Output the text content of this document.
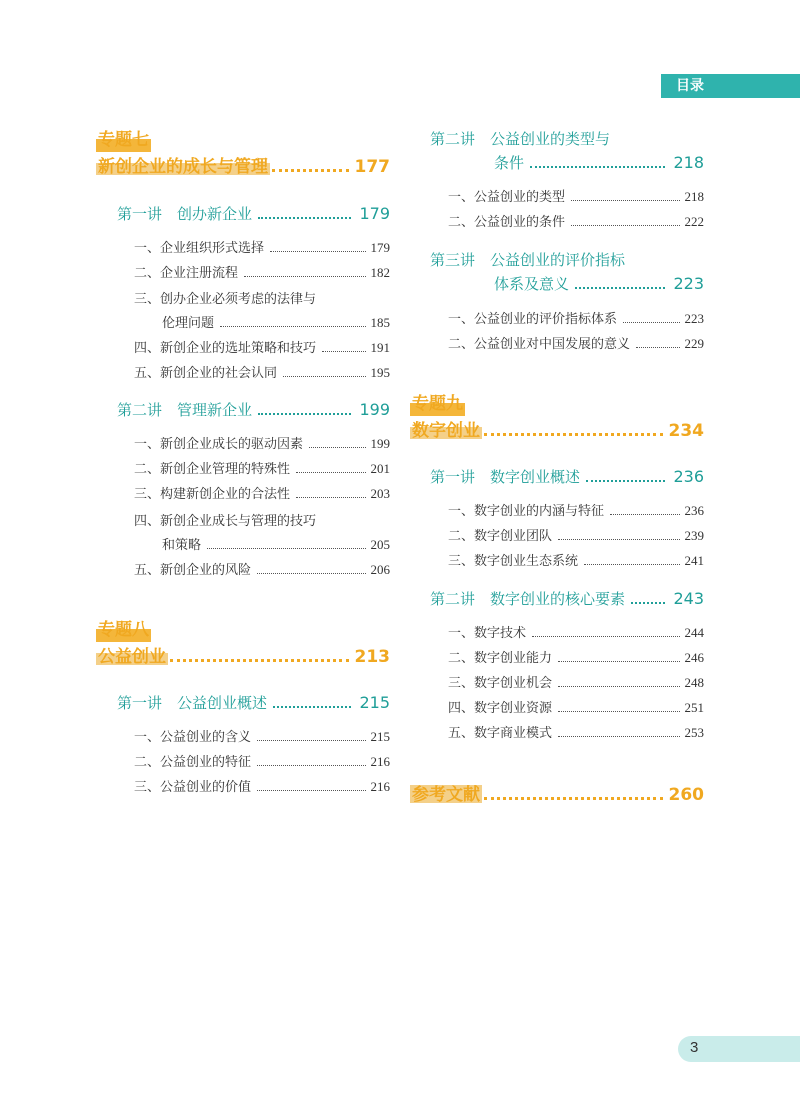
目录
专题七
新创企业的成长与管理	177
第一讲　创办新企业	179
一、企业组织形式选择	179
二、企业注册流程	182
三、创办企业必须考虑的法律与
伦理问题	185
四、新创企业的选址策略和技巧	191
五、新创企业的社会认同	195
第二讲　管理新企业	199
一、新创企业成长的驱动因素	199
二、新创企业管理的特殊性	201
三、构建新创企业的合法性	203
四、新创企业成长与管理的技巧
和策略	205
五、新创企业的风险	206
专题八
公益创业	213
第一讲　公益创业概述	215
一、公益创业的含义	215
二、公益创业的特征	216
三、公益创业的价值	216
第二讲　公益创业的类型与
条件	218
一、公益创业的类型	218
二、公益创业的条件	222
第三讲　公益创业的评价指标
体系及意义	223
一、公益创业的评价指标体系	223
二、公益创业对中国发展的意义	229
专题九
数字创业	234
第一讲　数字创业概述	236
一、数字创业的内涵与特征	236
二、数字创业团队	239
三、数字创业生态系统	241
第二讲　数字创业的核心要素	243
一、数字技术	244
二、数字创业能力	246
三、数字创业机会	248
四、数字创业资源	251
五、数字商业模式	253
参考文献	260
3
